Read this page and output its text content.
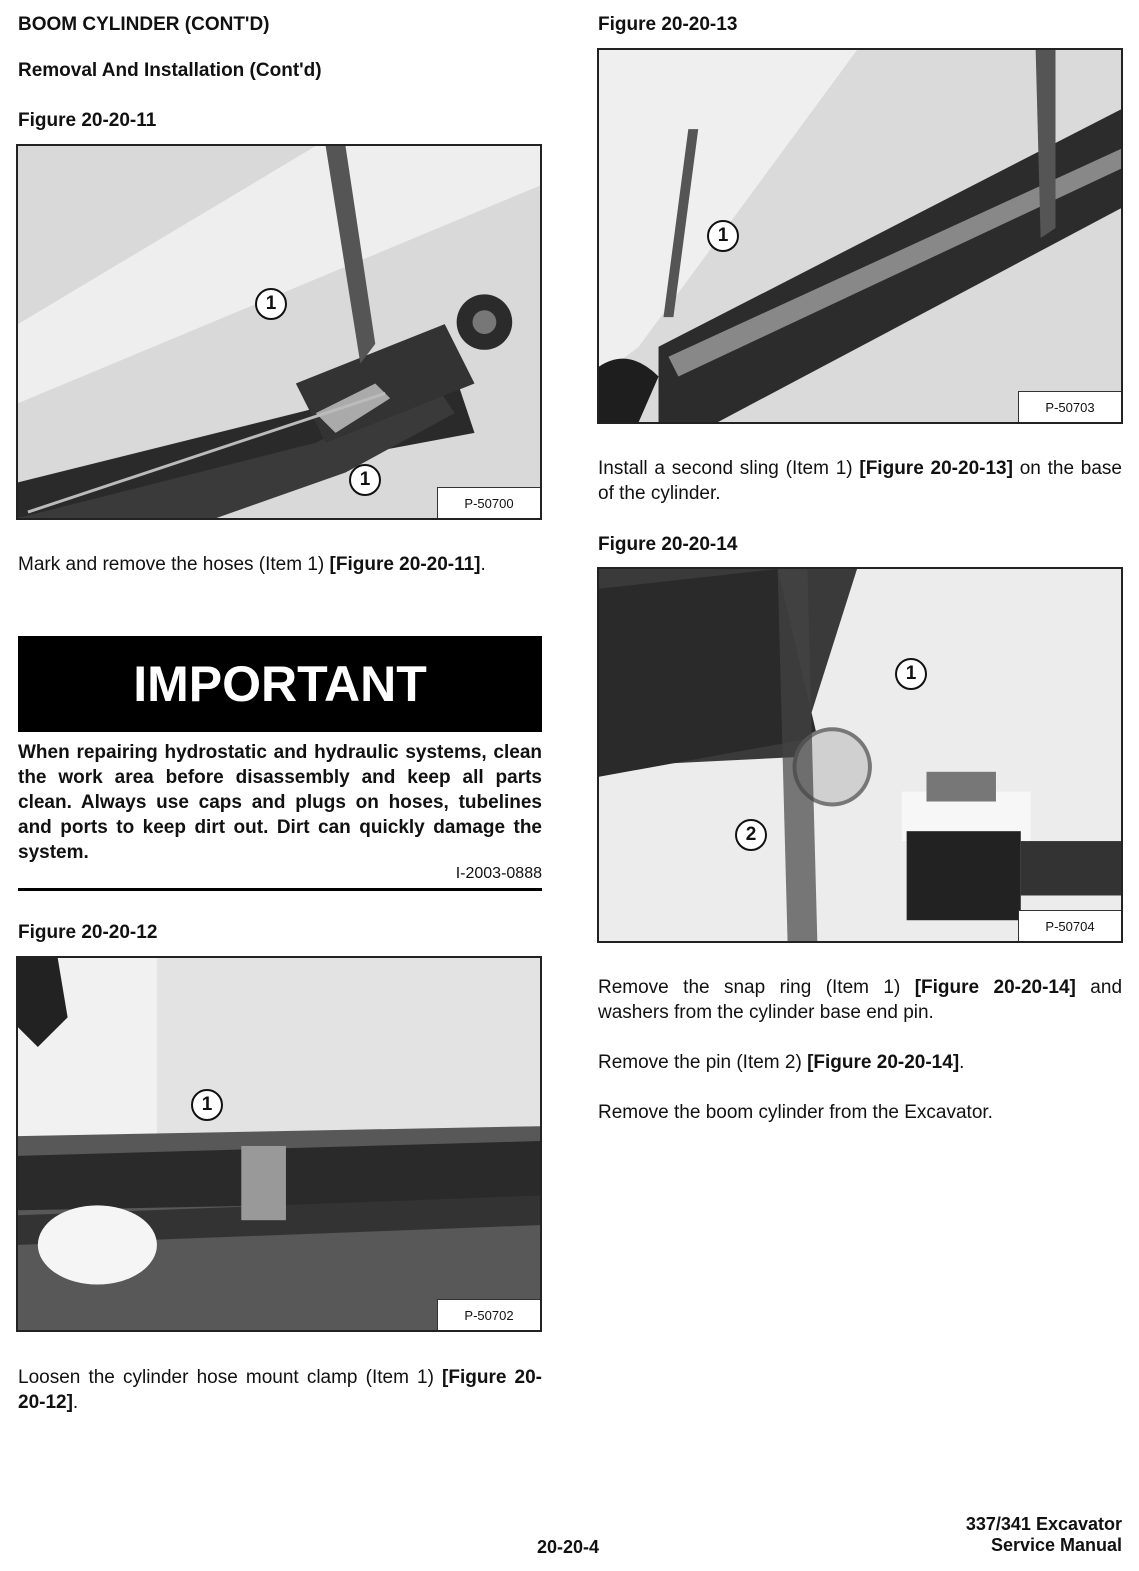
BOOM CYLINDER (CONT'D)
Removal And Installation (Cont'd)
Figure 20-20-11
1
1
P-50700
Mark and remove the hoses (Item 1) [Figure 20-20-11].
IMPORTANT
When repairing hydrostatic and hydraulic systems, clean the work area before disassembly and keep all parts clean. Always use caps and plugs on hoses, tubelines and ports to keep dirt out. Dirt can quickly damage the system.
I-2003-0888
Figure 20-20-12
1
P-50702
Loosen the cylinder hose mount clamp (Item 1) [Figure 20-20-12].
Figure 20-20-13
1
P-50703
Install a second sling (Item 1) [Figure 20-20-13] on the base of the cylinder.
Figure 20-20-14
1
2
P-50704
Remove the snap ring (Item 1) [Figure 20-20-14] and washers from the cylinder base end pin.
Remove the pin (Item 2) [Figure 20-20-14].
Remove the boom cylinder from the Excavator.
20-20-4
337/341 Excavator
Service Manual
